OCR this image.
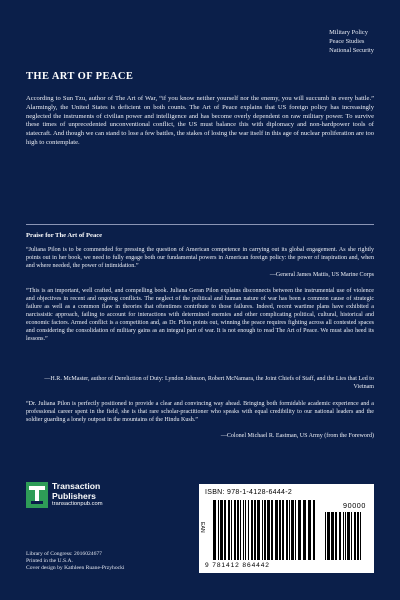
Military Policy
Peace Studies
National Security
THE ART OF PEACE
According to Sun Tzu, author of The Art of War, “if you know neither yourself nor the enemy, you will succumb in every battle.” Alarmingly, the United States is deficient on both counts. The Art of Peace explains that US foreign policy has increasingly neglected the instruments of civilian power and intelligence and has become overly dependent on raw military power. To survive these times of unprecedented unconventional conflict, the US must balance this with diplomacy and non-hardpower tools of statecraft. And though we can stand to lose a few battles, the stakes of losing the war itself in this age of nuclear proliferation are too high to contemplate.
Praise for The Art of Peace
“Juliana Pilon is to be commended for pressing the question of American competence in carrying out its global engagement. As she rightly points out in her book, we need to fully engage both our fundamental powers in American foreign policy: the power of inspiration and, when and where needed, the power of intimidation.”
—General James Mattis, US Marine Corps
“This is an important, well crafted, and compelling book. Juliana Geran Pilon explains disconnects between the instrumental use of violence and objectives in recent and ongoing conflicts. The neglect of the political and human nature of war has been a common cause of strategic failure as well as a common flaw in theories that oftentimes contribute to those failures. Indeed, recent wartime plans have exhibited a narcissistic approach, failing to account for interactions with determined enemies and other complicating political, cultural, historical and economic factors. Armed conflict is a competition and, as Dr. Pilon points out, winning the peace requires fighting across all contested spaces and considering the consolidation of military gains as an integral part of war. It is not enough to read The Art of Peace. We must also heed its lessons.”
—H.R. McMaster, author of Dereliction of Duty: Lyndon Johnson, Robert McNamara, the Joint Chiefs of Staff, and the Lies that Led to Vietnam
“Dr. Juliana Pilon is perfectly positioned to provide a clear and convincing way ahead. Bringing both formidable academic experience and a professional career spent in the field, she is that rare scholar-practitioner who speaks with equal credibility to our national leaders and the soldier guarding a lonely outpost in the mountains of the Hindu Kush.”
—Colonel Michael R. Eastman, US Army (from the Foreword)
Transaction
Publishers
transactionpub.com
Library of Congress: 2016024677
Printed in the U.S.A.
Cover design by Kathleen Ruane-Przyhocki
ISBN: 978-1-4128-6444-2
90000
EAN
9 781412 864442
